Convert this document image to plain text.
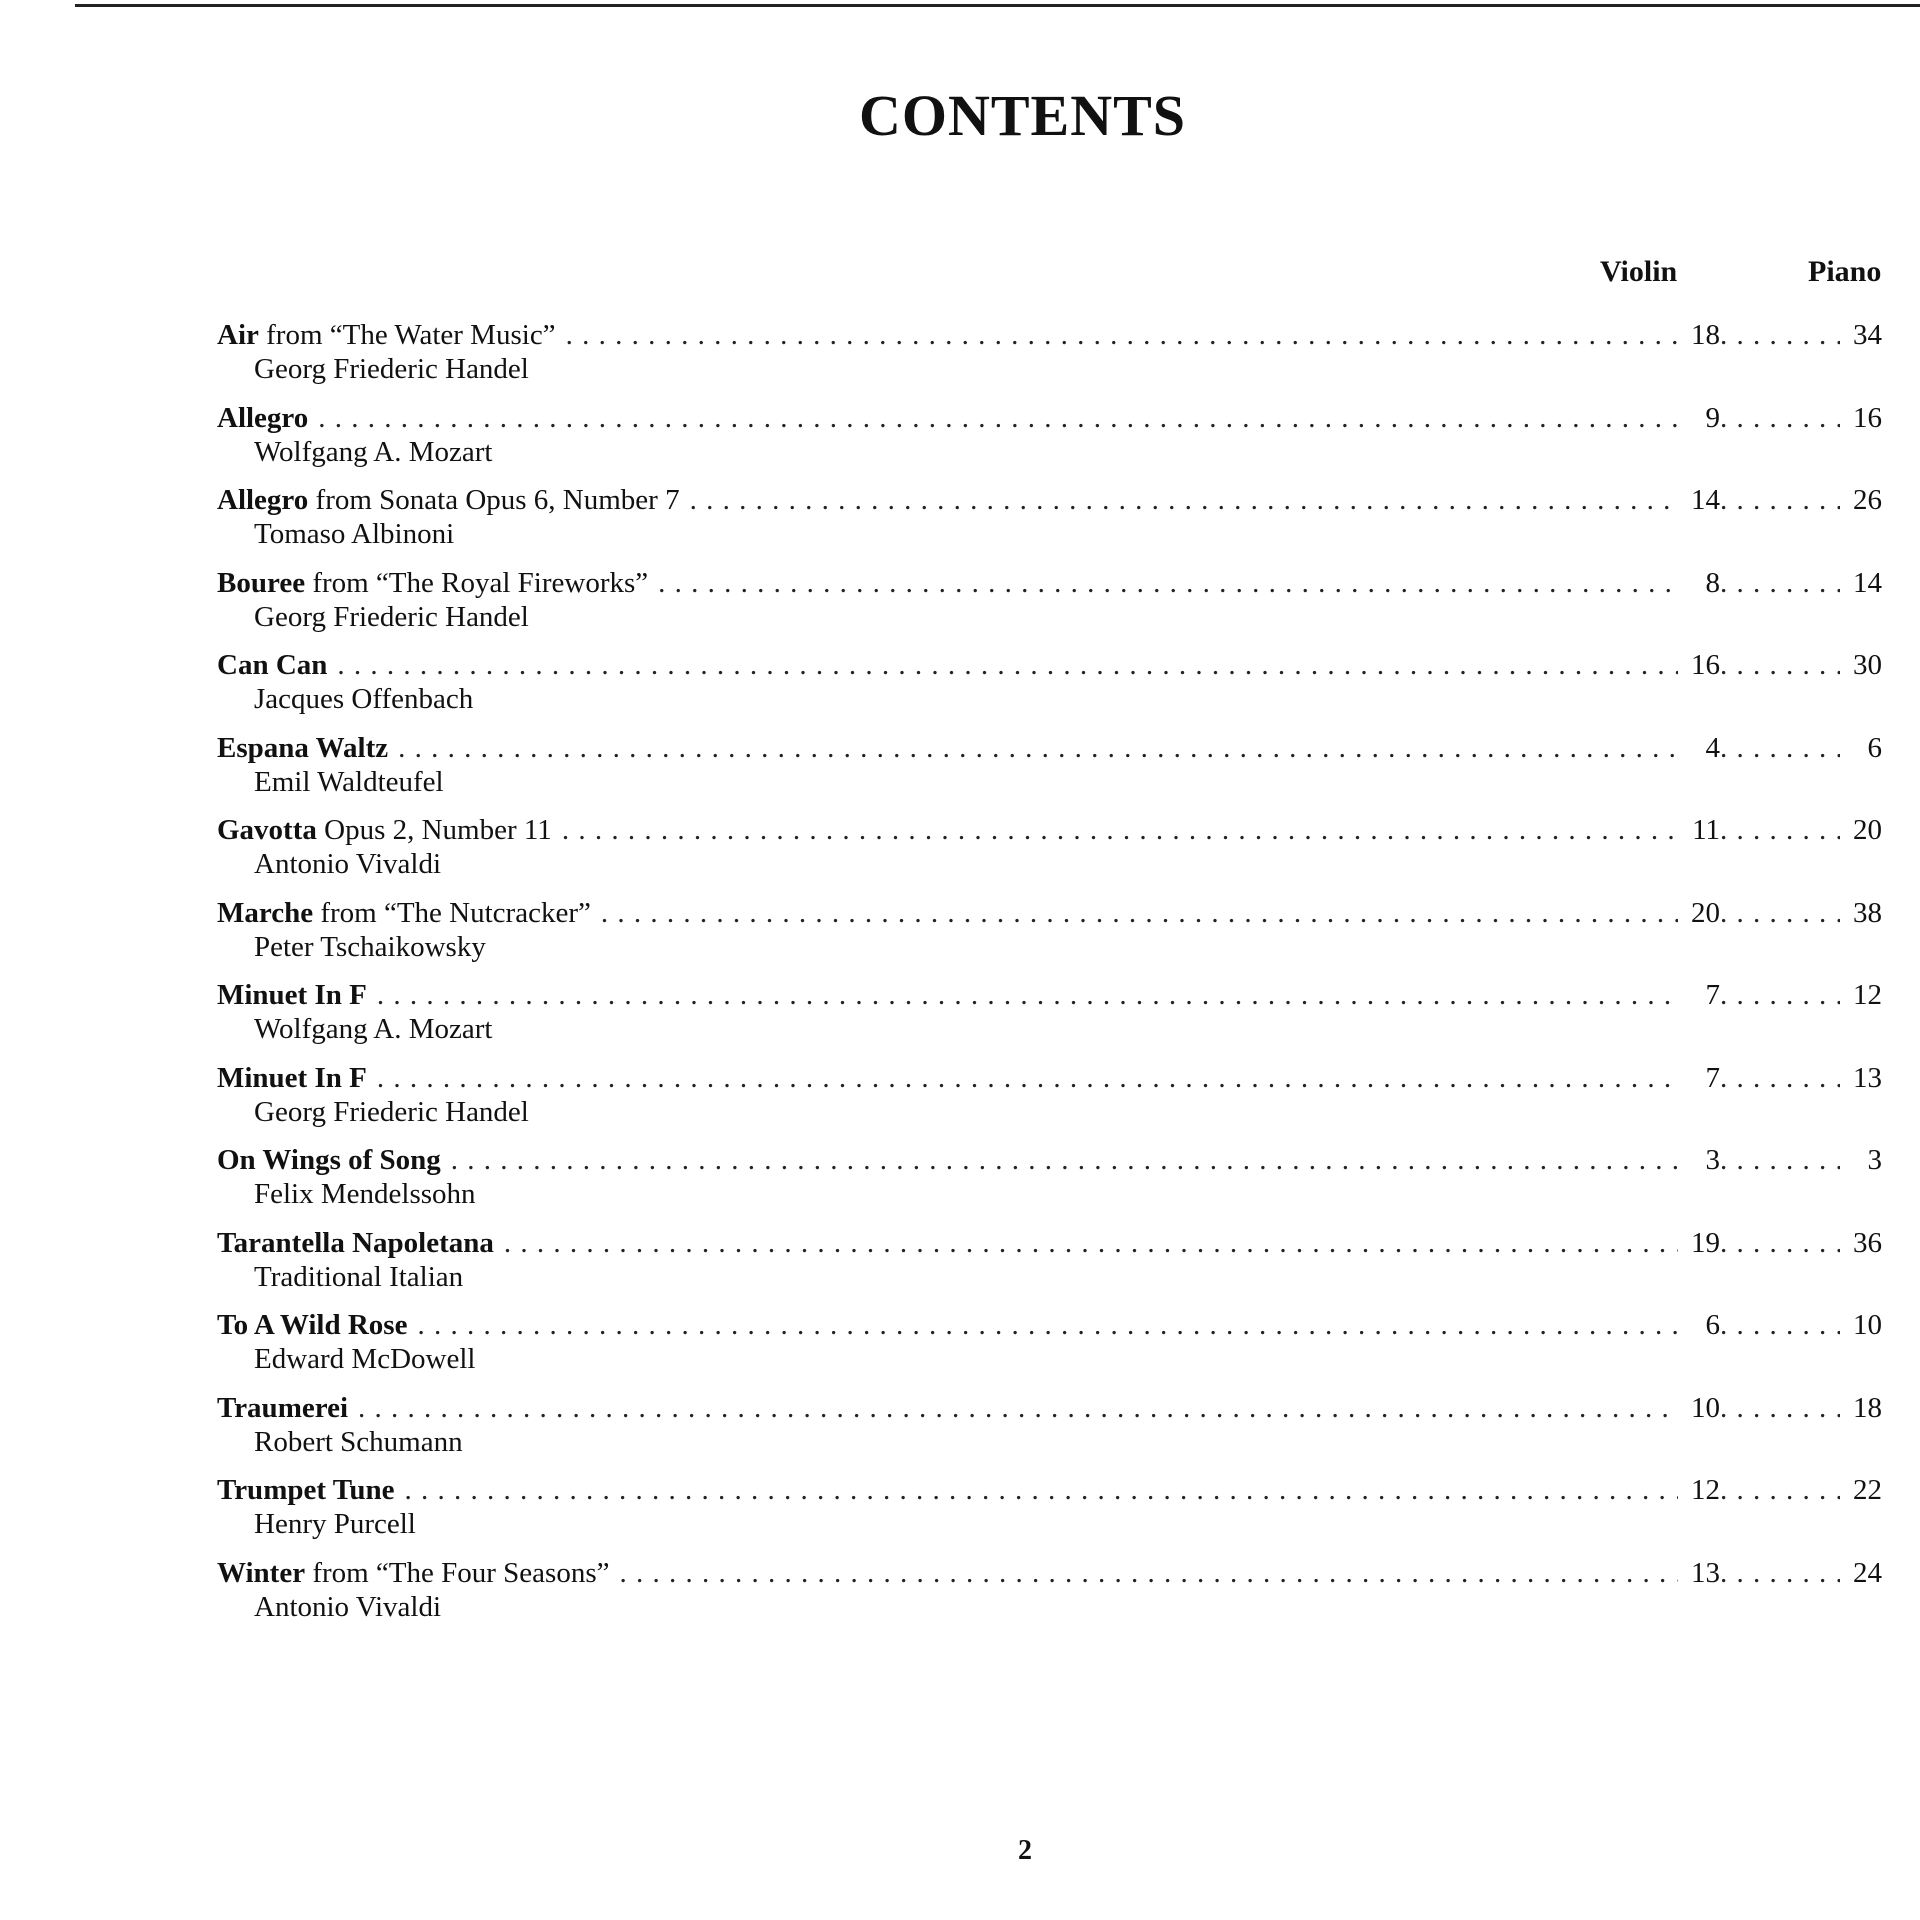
CONTENTS
Violin	Piano
Air from “The Water Music” . . .	18 . . .	34
Georg Friederic Handel
Allegro . . .	9 . . .	16
Wolfgang A. Mozart
Allegro from Sonata Opus 6, Number 7 . . .	14 . . .	26
Tomaso Albinoni
Bouree from “The Royal Fireworks” . . .	8 . . .	14
Georg Friederic Handel
Can Can . . .	16 . . .	30
Jacques Offenbach
Espana Waltz . . .	4 . . .	6
Emil Waldteufel
Gavotta Opus 2, Number 11 . . .	11 . . .	20
Antonio Vivaldi
Marche from “The Nutcracker” . . .	20 . . .	38
Peter Tschaikowsky
Minuet In F . . .	7 . . .	12
Wolfgang A. Mozart
Minuet In F . . .	7 . . .	13
Georg Friederic Handel
On Wings of Song . . .	3 . . .	3
Felix Mendelssohn
Tarantella Napoletana . . .	19 . . .	36
Traditional Italian
To A Wild Rose . . .	6 . . .	10
Edward McDowell
Traumerei . . .	10 . . .	18
Robert Schumann
Trumpet Tune . . .	12 . . .	22
Henry Purcell
Winter from “The Four Seasons” . . .	13 . . .	24
Antonio Vivaldi
2
